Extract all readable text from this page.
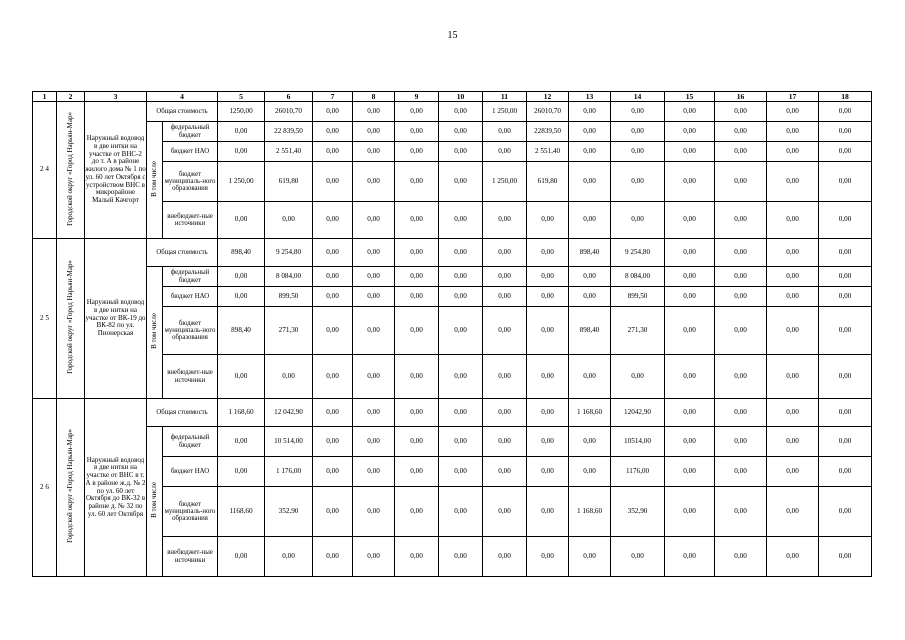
15
1	2	3	4		5	6	7	8	9	10	11	12	13	14	15	16	17	18
2 4	Городской округ «Город Нарьян-Мар»	Наружный водовод в две нитки на участке от ВНС-2 до т. А в районе жилого дома № 1 по ул. 60 лет Октября с устройством ВНС в микрорайоне Малый Качгорт	Общая стоимость		1250,00	26010,70	0,00	0,00	0,00	0,00	1 250,00	26010,70	0,00	0,00	0,00	0,00	0,00	0,00
			В том числе	федеральный бюджет	0,00	22 839,50	0,00	0,00	0,00	0,00	0,00	22839,50	0,00	0,00	0,00	0,00	0,00	0,00
				бюджет НАО	0,00	2 551,40	0,00	0,00	0,00	0,00	0,00	2 551,40	0,00	0,00	0,00	0,00	0,00	0,00
				бюджет муниципаль-ного образования	1 250,00	619,80	0,00	0,00	0,00	0,00	1 250,00	619,80	0,00	0,00	0,00	0,00	0,00	0,00
				внебюджет-ные источники	0,00	0,00	0,00	0,00	0,00	0,00	0,00	0,00	0,00	0,00	0,00	0,00	0,00	0,00
2 5	Городской округ «Город Нарьян-Мар»	Наружный водовод в две нитки на участке от ВК-19 до ВК-82 по ул. Пионерская	Общая стоимость		898,40	9 254,80	0,00	0,00	0,00	0,00	0,00	0,00	898,40	9 254,80	0,00	0,00	0,00	0,00
			В том числе	федеральный бюджет	0,00	8 084,00	0,00	0,00	0,00	0,00	0,00	0,00	0,00	8 084,00	0,00	0,00	0,00	0,00
				бюджет НАО	0,00	899,50	0,00	0,00	0,00	0,00	0,00	0,00	0,00	899,50	0,00	0,00	0,00	0,00
				бюджет муниципаль-ного образования	898,40	271,30	0,00	0,00	0,00	0,00	0,00	0,00	898,40	271,30	0,00	0,00	0,00	0,00
				внебюджет-ные источники	0,00	0,00	0,00	0,00	0,00	0,00	0,00	0,00	0,00	0,00	0,00	0,00	0,00	0,00
2 6	Городской округ «Город Нарьян-Мар»	Наружный водовод в две нитки на участке от ВНС в т. А в районе ж.д. № 2 по ул. 60 лет Октября до ВК-32 в районе д. № 32 по ул. 60 лет Октября	Общая стоимость		1 168,60	12 042,90	0,00	0,00	0,00	0,00	0,00	0,00	1 168,60	12042,90	0,00	0,00	0,00	0,00
			В том числе	федеральный бюджет	0,00	10 514,00	0,00	0,00	0,00	0,00	0,00	0,00	0,00	10514,00	0,00	0,00	0,00	0,00
				бюджет НАО	0,00	1 176,00	0,00	0,00	0,00	0,00	0,00	0,00	0,00	1176,00	0,00	0,00	0,00	0,00
				бюджет муниципаль-ного образования	1168,60	352,90	0,00	0,00	0,00	0,00	0,00	0,00	1 168,60	352,90	0,00	0,00	0,00	0,00
				внебюджет-ные источники	0,00	0,00	0,00	0,00	0,00	0,00	0,00	0,00	0,00	0,00	0,00	0,00	0,00	0,00
